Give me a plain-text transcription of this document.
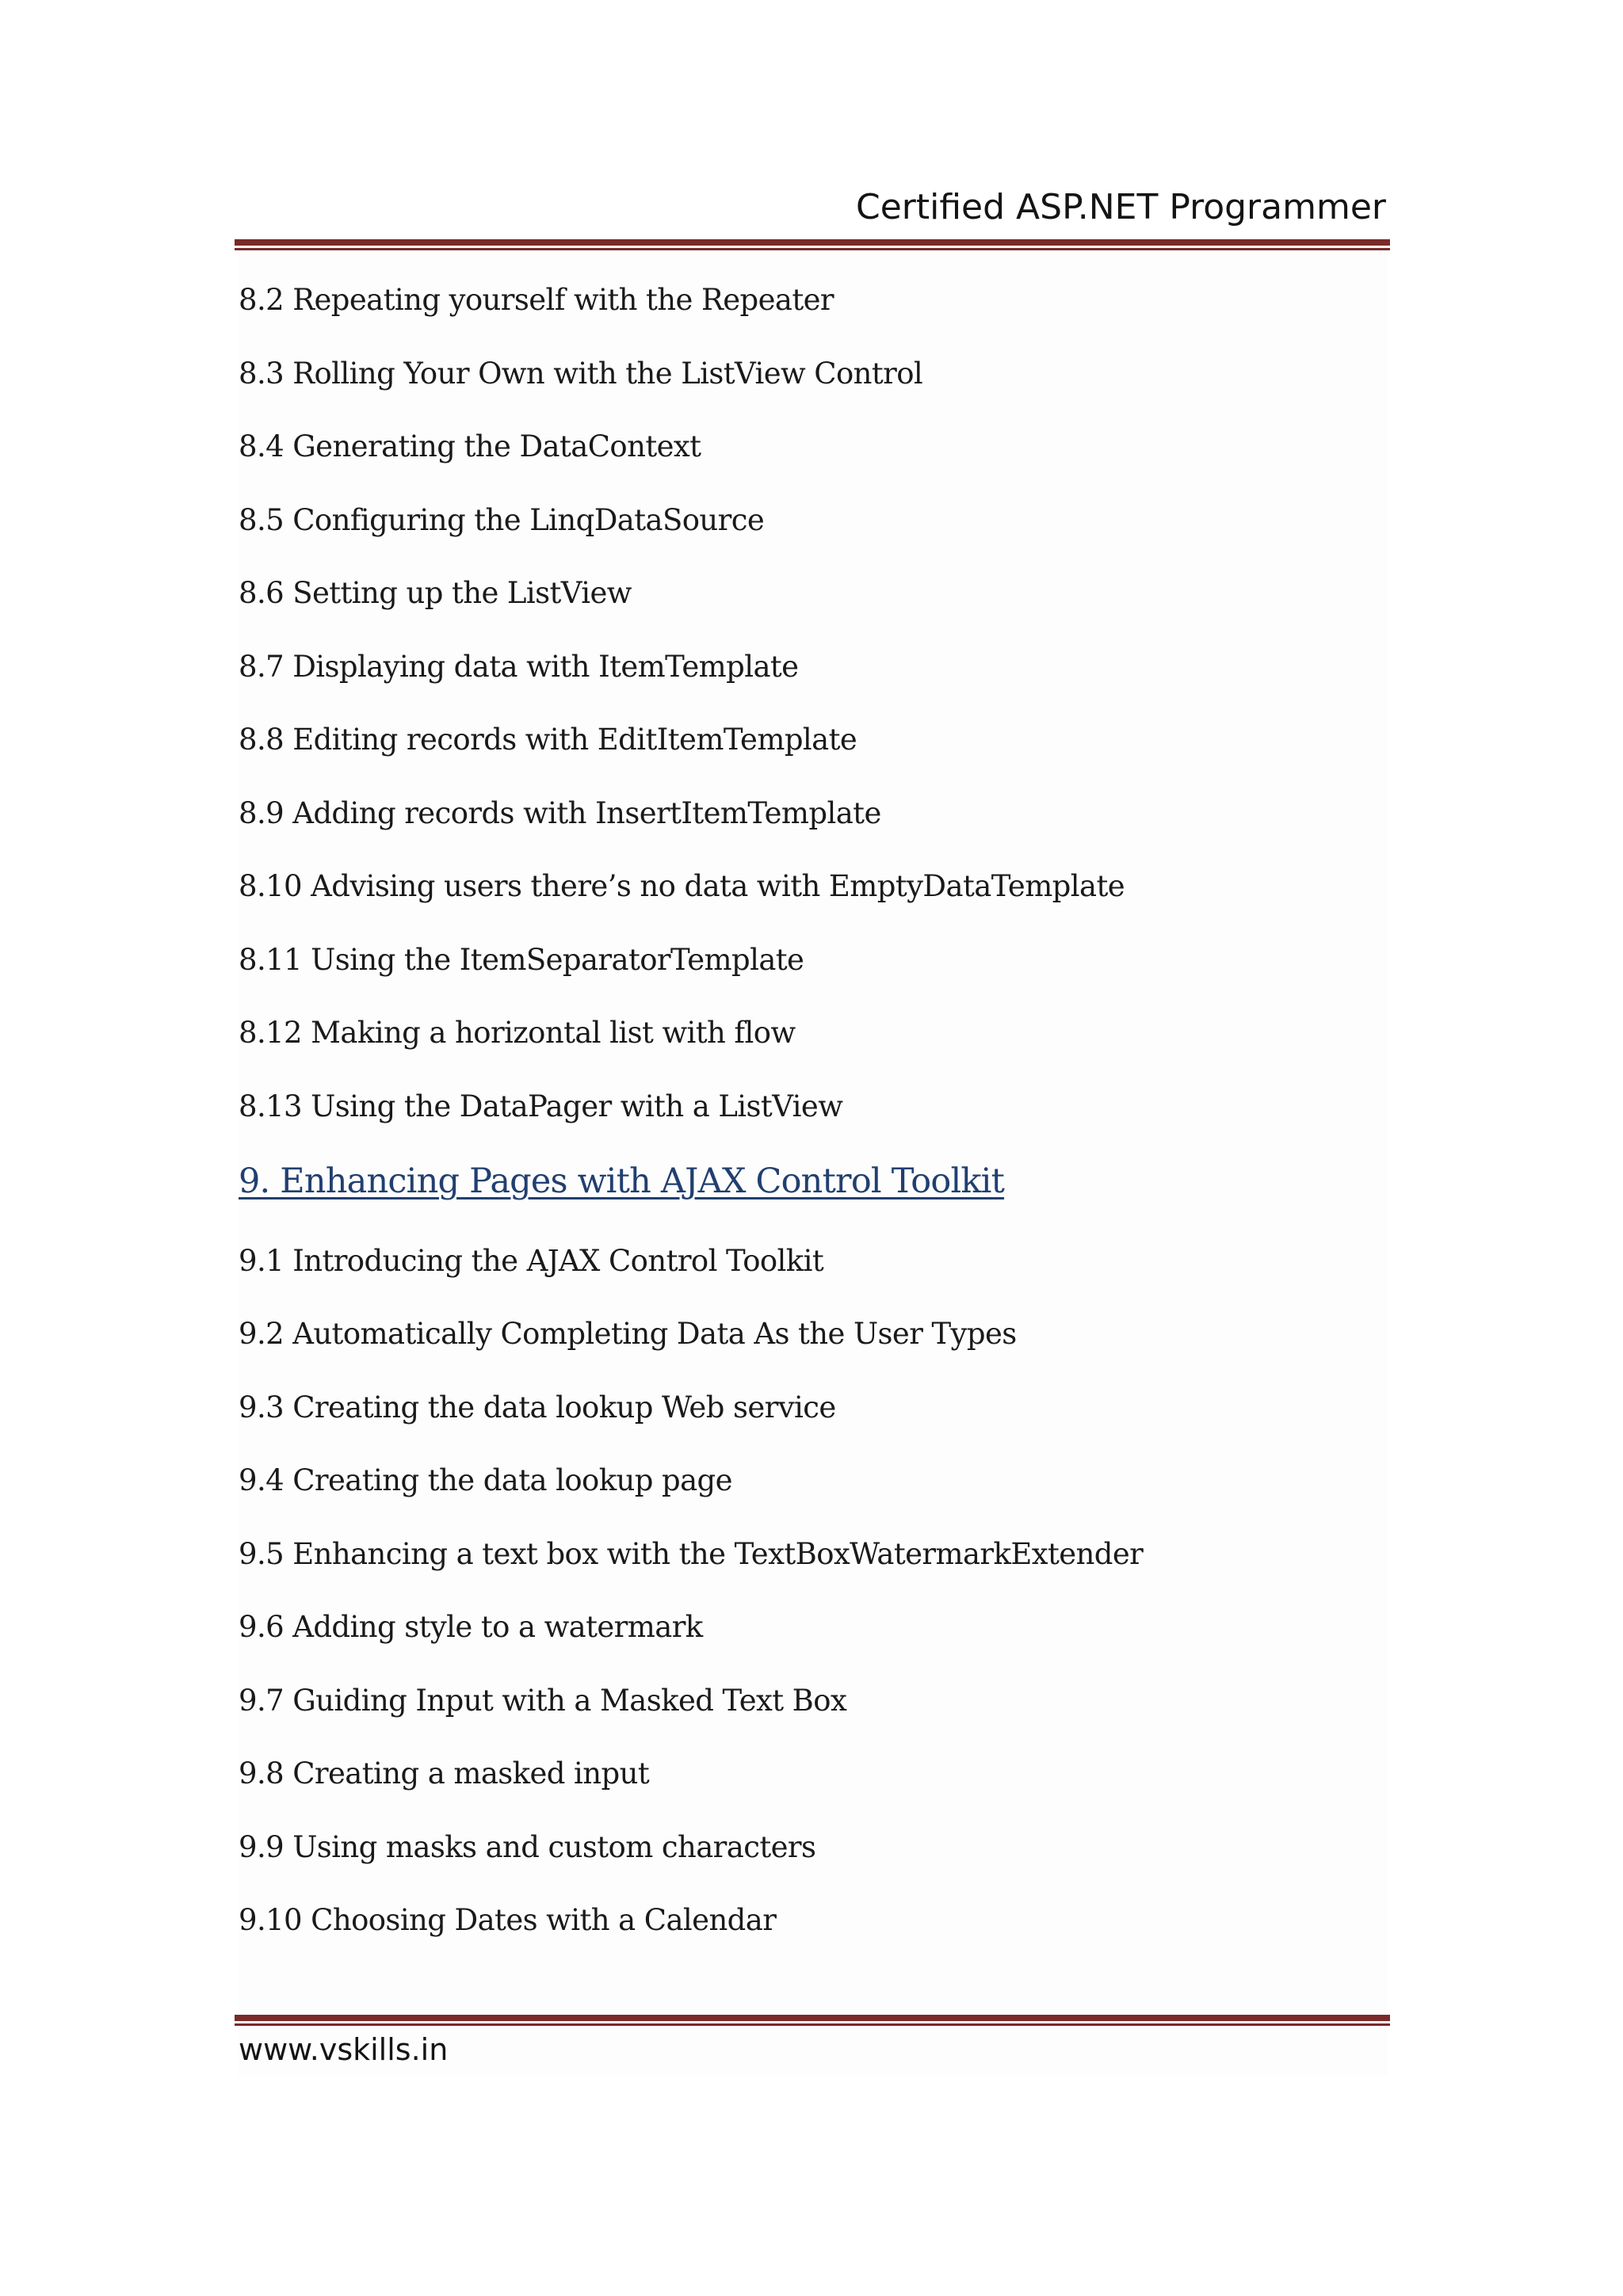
Certified ASP.NET Programmer
8.2 Repeating yourself with the Repeater
8.3 Rolling Your Own with the ListView Control
8.4 Generating the DataContext
8.5 Configuring the LinqDataSource
8.6 Setting up the ListView
8.7 Displaying data with ItemTemplate
8.8 Editing records with EditItemTemplate
8.9 Adding records with InsertItemTemplate
8.10 Advising users there’s no data with EmptyDataTemplate
8.11 Using the ItemSeparatorTemplate
8.12 Making a horizontal list with flow
8.13 Using the DataPager with a ListView
9. Enhancing Pages with AJAX Control Toolkit
9.1 Introducing the AJAX Control Toolkit
9.2 Automatically Completing Data As the User Types
9.3 Creating the data lookup Web service
9.4 Creating the data lookup page
9.5 Enhancing a text box with the TextBoxWatermarkExtender
9.6 Adding style to a watermark
9.7 Guiding Input with a Masked Text Box
9.8 Creating a masked input
9.9 Using masks and custom characters
9.10 Choosing Dates with a Calendar
www.vskills.in
